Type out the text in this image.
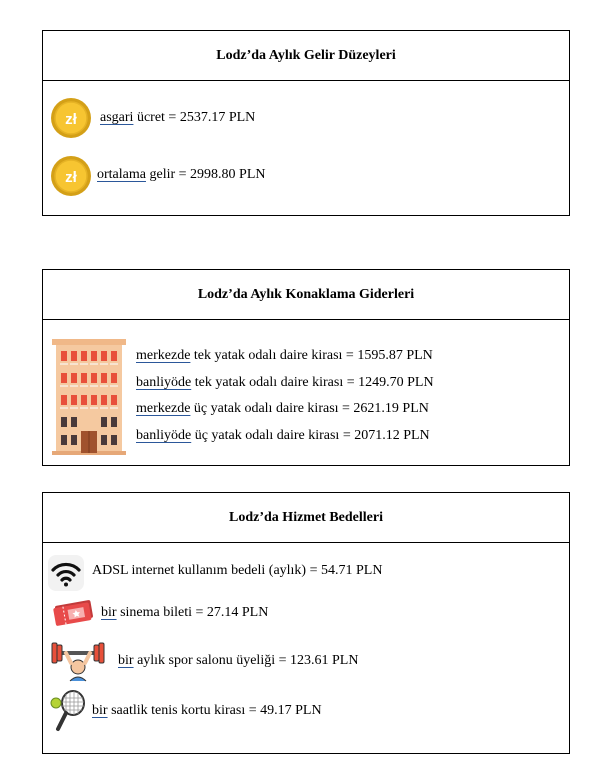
Lodz’da Aylık Gelir Düzeyleri
zł asgari ücret = 2537.17 PLN
zł ortalama gelir = 2998.80 PLN
Lodz’da Aylık Konaklama Giderleri
merkezde tek yatak odalı daire kirası = 1595.87 PLN
banliyöde tek yatak odalı daire kirası = 1249.70 PLN
merkezde üç yatak odalı daire kirası = 2621.19 PLN
banliyöde üç yatak odalı daire kirası = 2071.12 PLN
Lodz’da Hizmet Bedelleri
ADSL internet kullanım bedeli (aylık) = 54.71 PLN
bir sinema bileti = 27.14 PLN
bir aylık spor salonu üyeliği = 123.61 PLN
bir saatlik tenis kortu kirası = 49.17 PLN
